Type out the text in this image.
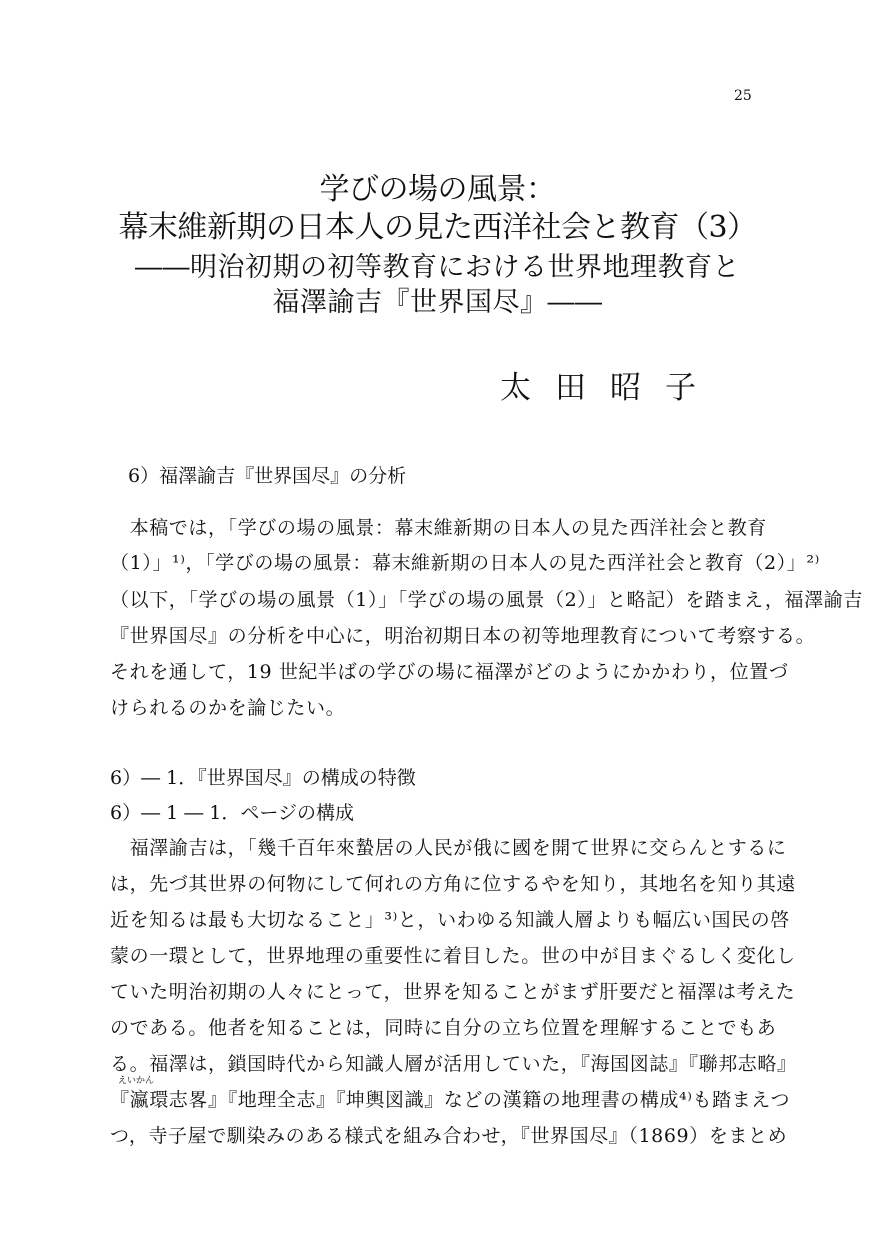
25
学びの場の風景：
幕末維新期の日本人の見た西洋社会と教育（3）
――明治初期の初等教育における世界地理教育と
福澤諭吉『世界国尽』――
太田昭子
6）福澤諭吉『世界国尽』の分析
　本稿では，「学びの場の風景：幕末維新期の日本人の見た西洋社会と教育
（1）」¹⁾，「学びの場の風景：幕末維新期の日本人の見た西洋社会と教育（2）」²⁾
（以下，「学びの場の風景（1）」「学びの場の風景（2）」と略記）を踏まえ，福澤諭吉
『世界国尽』の分析を中心に，明治初期日本の初等地理教育について考察する。
それを通して，19 世紀半ばの学びの場に福澤がどのようにかかわり，位置づ
けられるのかを論じたい。
6）― 1．『世界国尽』の構成の特徴
6）― 1 ― 1．ページの構成
　福澤諭吉は，「幾千百年來蟄居の人民が俄に國を開て世界に交らんとするに
は，先づ其世界の何物にして何れの方角に位するやを知り，其地名を知り其遠
近を知るは最も大切なること」³⁾と，いわゆる知識人層よりも幅広い国民の啓
蒙の一環として，世界地理の重要性に着目した。世の中が目まぐるしく変化し
ていた明治初期の人々にとって，世界を知ることがまず肝要だと福澤は考えた
のである。他者を知ることは，同時に自分の立ち位置を理解することでもあ
る。福澤は，鎖国時代から知識人層が活用していた，『海国図誌』『聯邦志略』
えいかん
『瀛環志畧』『地理全志』『坤輿図識』などの漢籍の地理書の構成⁴⁾も踏まえつ
つ，寺子屋で馴染みのある様式を組み合わせ，『世界国尽』（1869）をまとめ
